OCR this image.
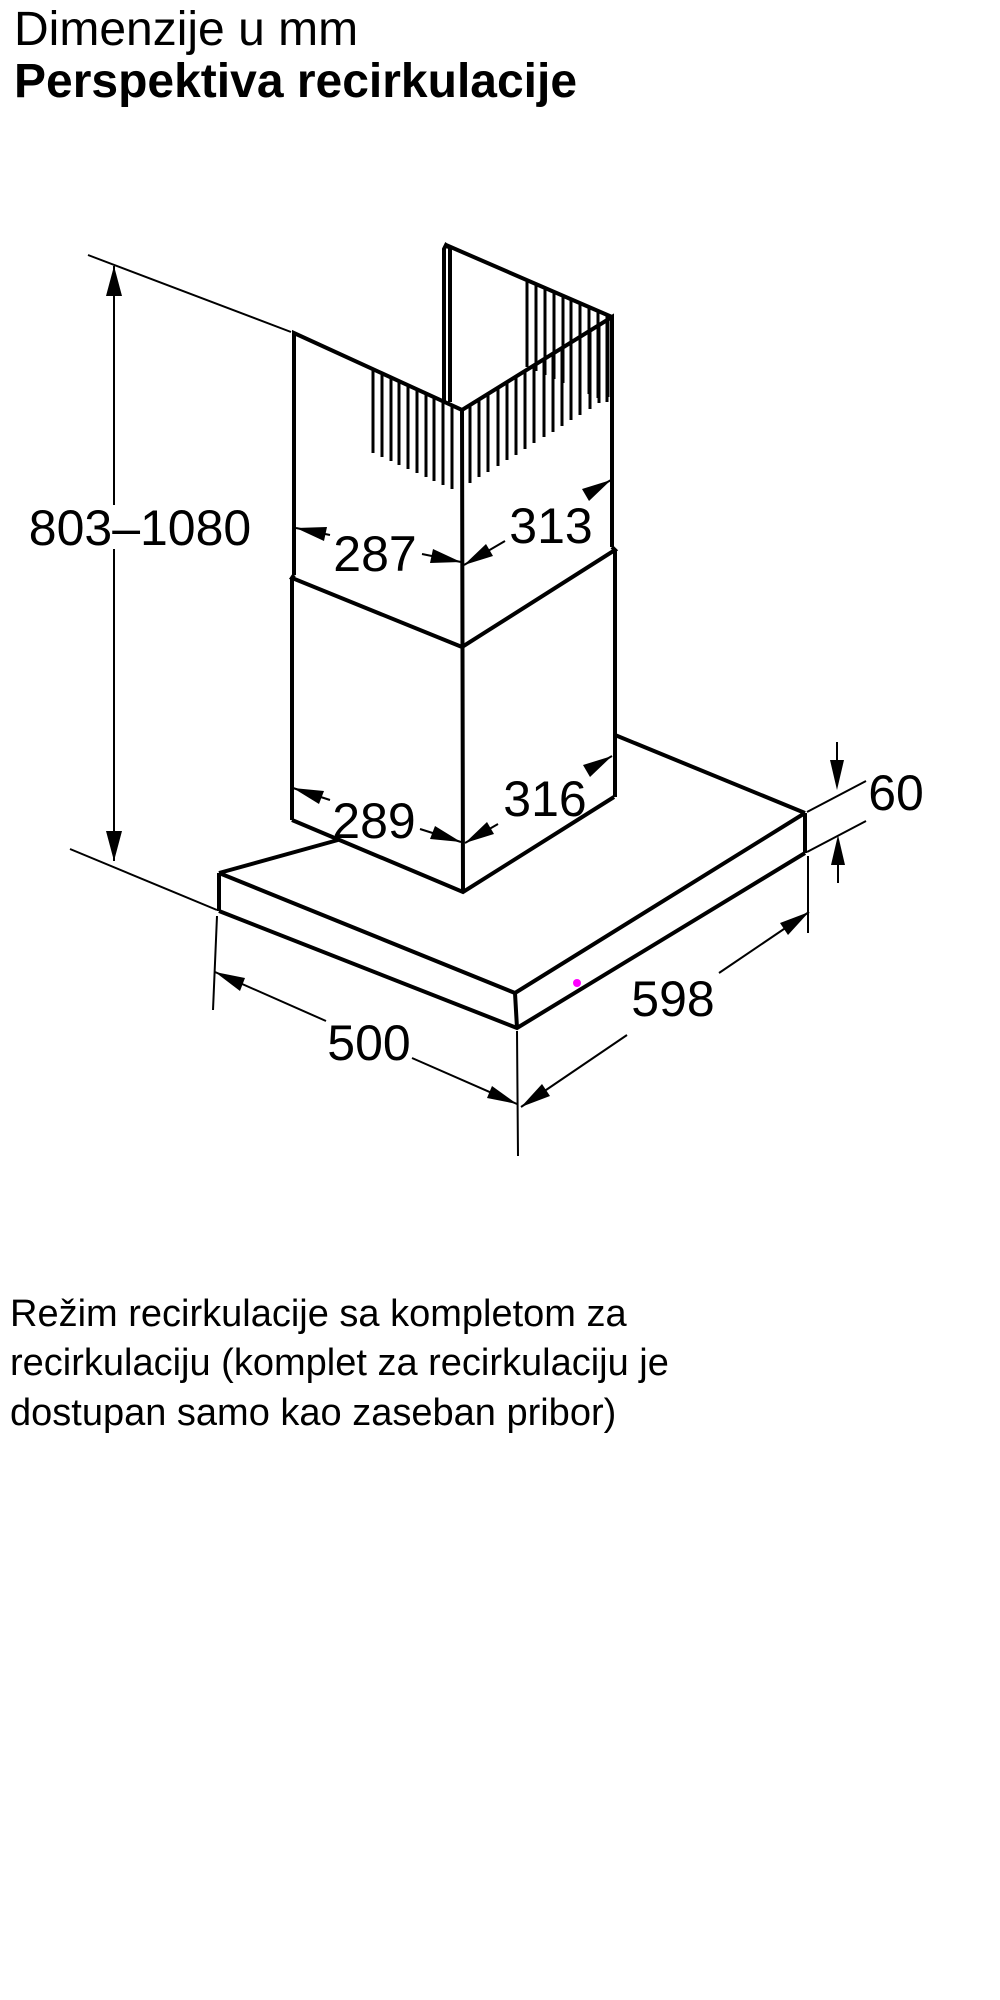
Dimenzije u mm
Perspektiva recirkulacije
803–1080 287 313
289 316	60
500
598
Režim recirkulacije sa kompletom za
recirkulaciju (komplet za recirkulaciju je
dostupan samo kao zaseban pribor)
